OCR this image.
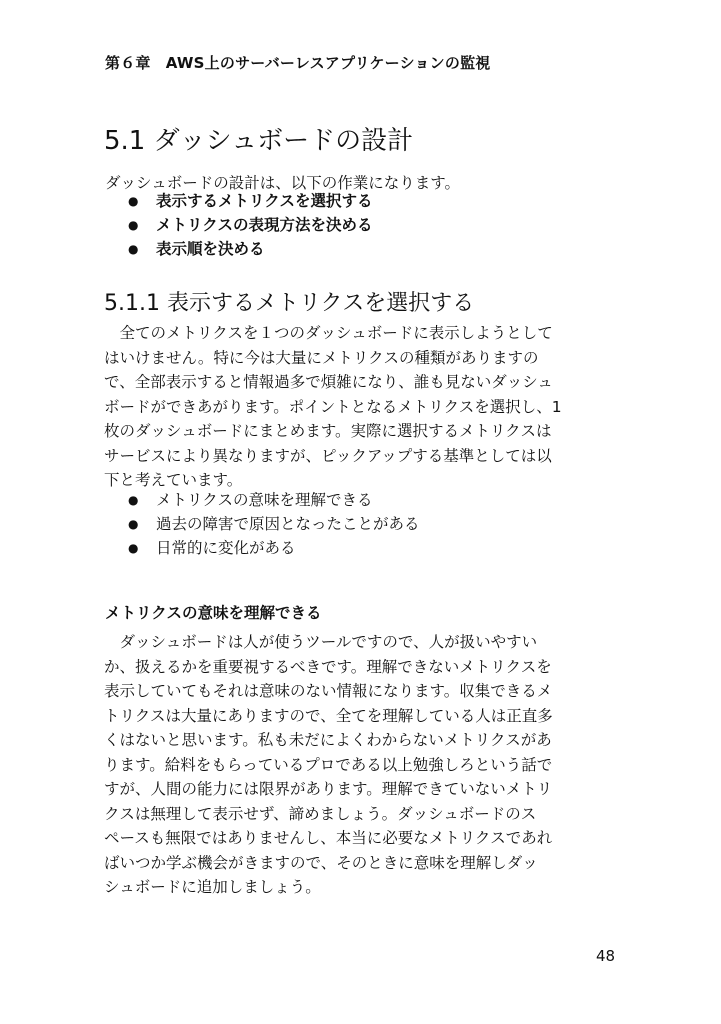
第６章　AWS上のサーバーレスアプリケーションの監視
5.1 ダッシュボードの設計
ダッシュボードの設計は、以下の作業になります。
● 表示するメトリクスを選択する
● メトリクスの表現方法を決める
● 表示順を決める
5.1.1 表示するメトリクスを選択する
　全てのメトリクスを１つのダッシュボードに表示しようとして
はいけません。特に今は大量にメトリクスの種類がありますの
で、全部表示すると情報過多で煩雑になり、誰も見ないダッシュ
ボードができあがります。ポイントとなるメトリクスを選択し、1
枚のダッシュボードにまとめます。実際に選択するメトリクスは
サービスにより異なりますが、ピックアップする基準としては以
下と考えています。
● メトリクスの意味を理解できる
● 過去の障害で原因となったことがある
● 日常的に変化がある
メトリクスの意味を理解できる
　ダッシュボードは人が使うツールですので、人が扱いやすい
か、扱えるかを重要視するべきです。理解できないメトリクスを
表示していてもそれは意味のない情報になります。収集できるメ
トリクスは大量にありますので、全てを理解している人は正直多
くはないと思います。私も未だによくわからないメトリクスがあ
ります。給料をもらっているプロである以上勉強しろという話で
すが、人間の能力には限界があります。理解できていないメトリ
クスは無理して表示せず、諦めましょう。ダッシュボードのス
ペースも無限ではありませんし、本当に必要なメトリクスであれ
ばいつか学ぶ機会がきますので、そのときに意味を理解しダッ
シュボードに追加しましょう。
48
